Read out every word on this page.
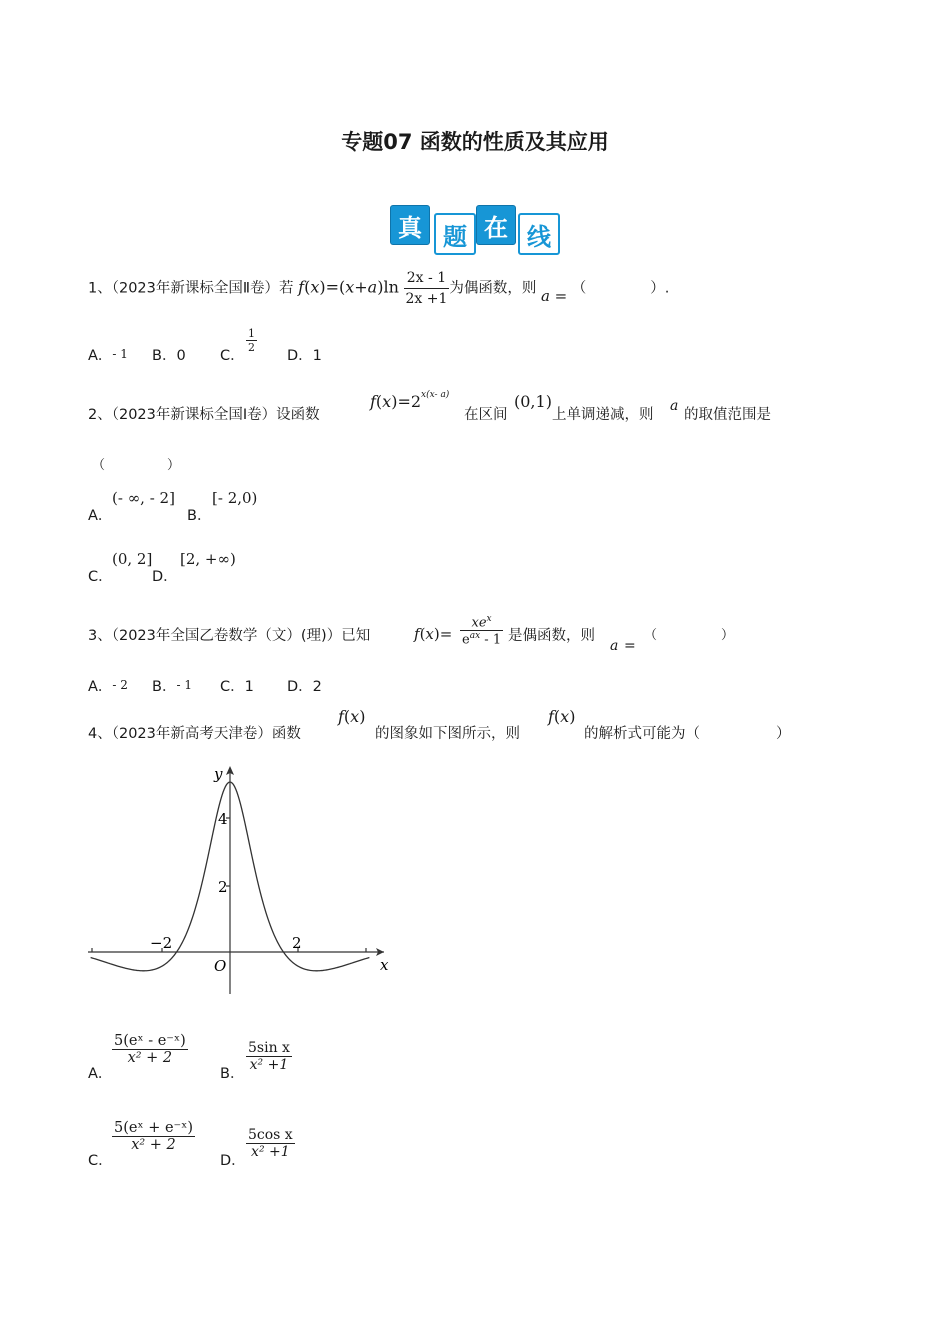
专题07 函数的性质及其应用
真 题 在 线
1、（2023年新课标全国Ⅱ卷）若 $f(x)=(x+a)\ln \frac{2x - 1}{2x +1}$ 为偶函数，则 a = （	）.
A．- 1 B．0 C．
$\frac{1}{2}$
D．1
2、（2023年新课标全国Ⅰ卷）设函数
$f(x)=2^{x(x- a)}$
在区间
(0,1)
上单调递减，则
a
的取值范围是
（	）
A．
(- ∞, - 2]
B．
[- 2,0)
C．
(0, 2]
D．
[2, +∞)
3、（2023年全国乙卷数学（文）(理)）已知	$f(x)= \frac{xe^x}{e^{ax} - 1}$ 是偶函数，则
a =
（	）
A．- 2 B．- 1 C．1 D．2
4、（2023年新高考天津卷）函数
f(x)
的图象如下图所示，则
f(x)
的解析式可能为（	）
y
x
O
4
2
−2	2
A．
$\frac{\text{5(eˣ - e⁻ˣ)}}{\text{x² + 2}}$
B．
$\frac{\text{5sin x}}{\text{x² +1}}$
C．
$\frac{\text{5(eˣ + e⁻ˣ)}}{\text{x² + 2}}$
D．
$\frac{\text{5cos x}}{\text{x² +1}}$
